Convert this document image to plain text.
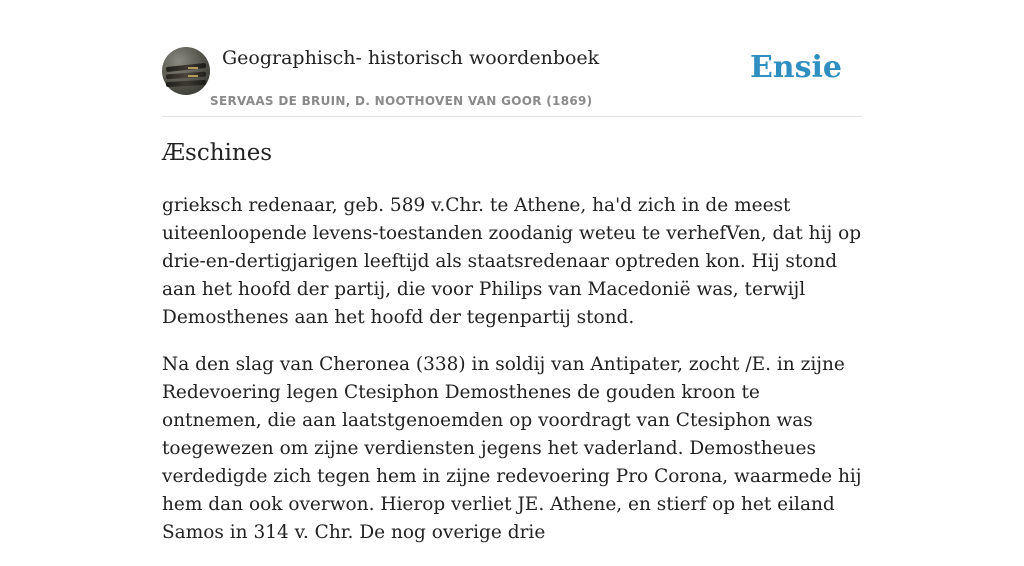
Geographisch- historisch woordenboek
SERVAAS DE BRUIN, D. NOOTHOVEN VAN GOOR (1869)
Ensie
Æschines

grieksch redenaar, geb. 589 v.Chr. te Athene, ha'd zich in de meest uiteenloopende levens-toestanden zoodanig weteu te verhefVen, dat hij op drie-en-dertigjarigen leeftijd als staatsredenaar optreden kon. Hij stond aan het hoofd der partij, die voor Philips van Macedonië was, terwijl Demosthenes aan het hoofd der tegenpartij stond.

Na den slag van Cheronea (338) in soldij van Antipater, zocht /E. in zijne Redevoering legen Ctesiphon Demosthenes de gouden kroon te ontnemen, die aan laatstgenoemden op voordragt van Ctesiphon was toegewezen om zijne verdiensten jegens het vaderland. Demostheues verdedigde zich tegen hem in zijne redevoering Pro Corona, waarmede hij hem dan ook overwon. Hierop verliet JE. Athene, en stierf op het eiland Samos in 314 v. Chr. De nog overige drie
